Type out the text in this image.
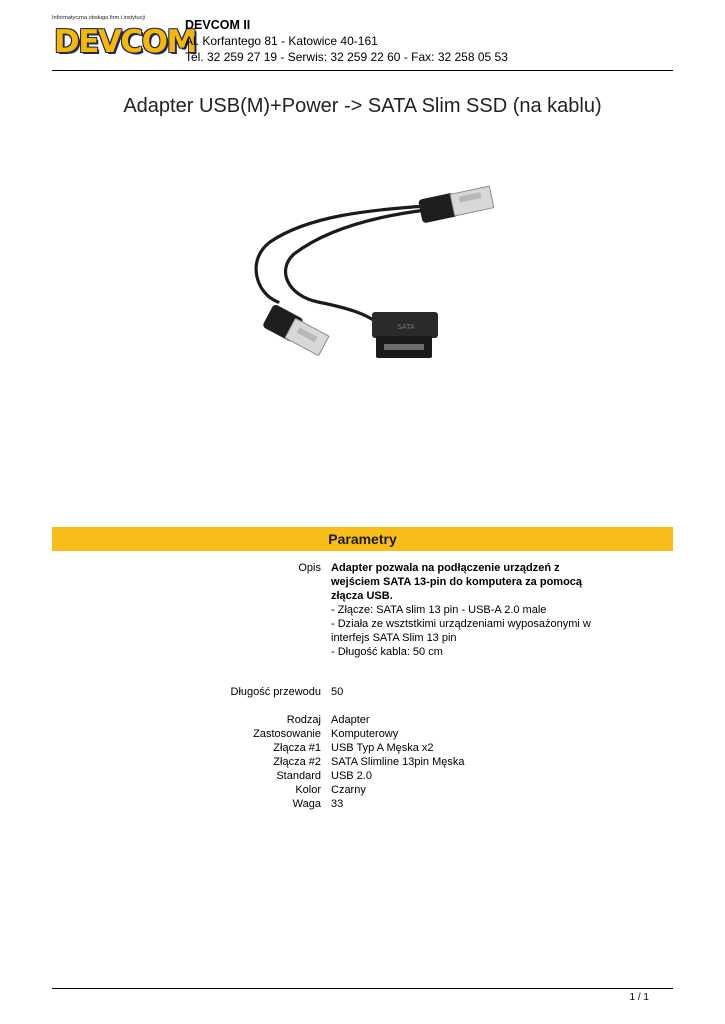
Informatyczna obsługa firm i instytucji
DEVCOM
DEVCOM II
Al. Korfantego 81 - Katowice 40-161
Tel. 32 259 27 19 - Serwis: 32 259 22 60 - Fax: 32 258 05 53
Adapter USB(M)+Power -> SATA Slim SSD (na kablu)
SATA
Parametry
Opis Adapter pozwala na podłączenie urządzeń z
wejściem SATA 13-pin do komputera za pomocą
złącza USB.
- Złącze: SATA slim 13 pin - USB-A 2.0 male
- Działa ze wsztstkimi urządzeniami wyposażonymi w
interfejs SATA Slim 13 pin
- Długość kabla: 50 cm
Długość przewodu 50
Rodzaj Adapter
Zastosowanie Komputerowy
Złącza #1 USB Typ A Męska x2
Złącza #2 SATA Slimline 13pin Męska
Standard USB 2.0
Kolor Czarny
Waga 33
1 / 1
